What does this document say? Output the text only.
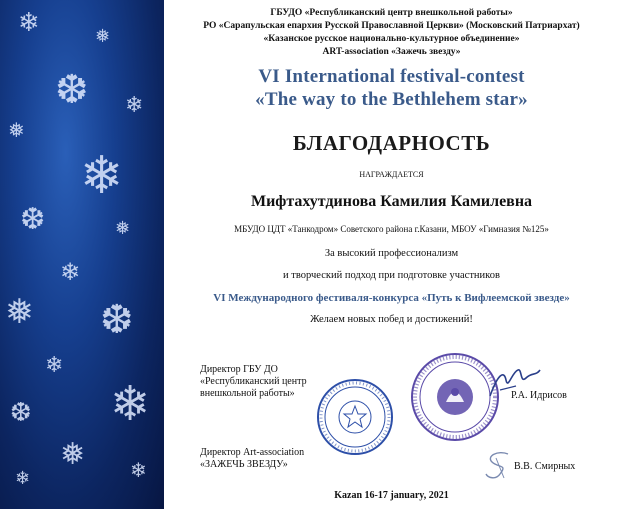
❄	❅
❆ ❄
❅
❄
❆	❅
❄
❅ ❆
❄
❄
❆
❅ ❄
❄
ГБУДО «Республиканский центр внешкольной работы»
РО «Сарапульская епархия Русской Православной Церкви» (Московский Патриархат)
«Казанское русское национально-культурное объединение»
ART-association «Зажечь звезду»
VI International festival-contest
«The way to the Bethlehem star»
БЛАГОДАРНОСТЬ
НАГРАЖДАЕТСЯ
Мифтахутдинова Камилия Камилевна
МБУДО ЦДТ «Танкодром» Советского района г.Казани, МБОУ «Гимназия №125»
За высокий профессионализм
и творческий подход при подготовке участников
VI Международного фестиваля-конкурса «Путь к Вифлеемской звезде»
Желаем новых побед и достижений!
Директор ГБУ ДО
«Республиканский центр
внешкольной работы»	Р.А. Идрисов
Директор Art-association
«ЗАЖЕЧЬ ЗВЕЗДУ»	В.В. Смирных
Kazan 16-17 january, 2021
